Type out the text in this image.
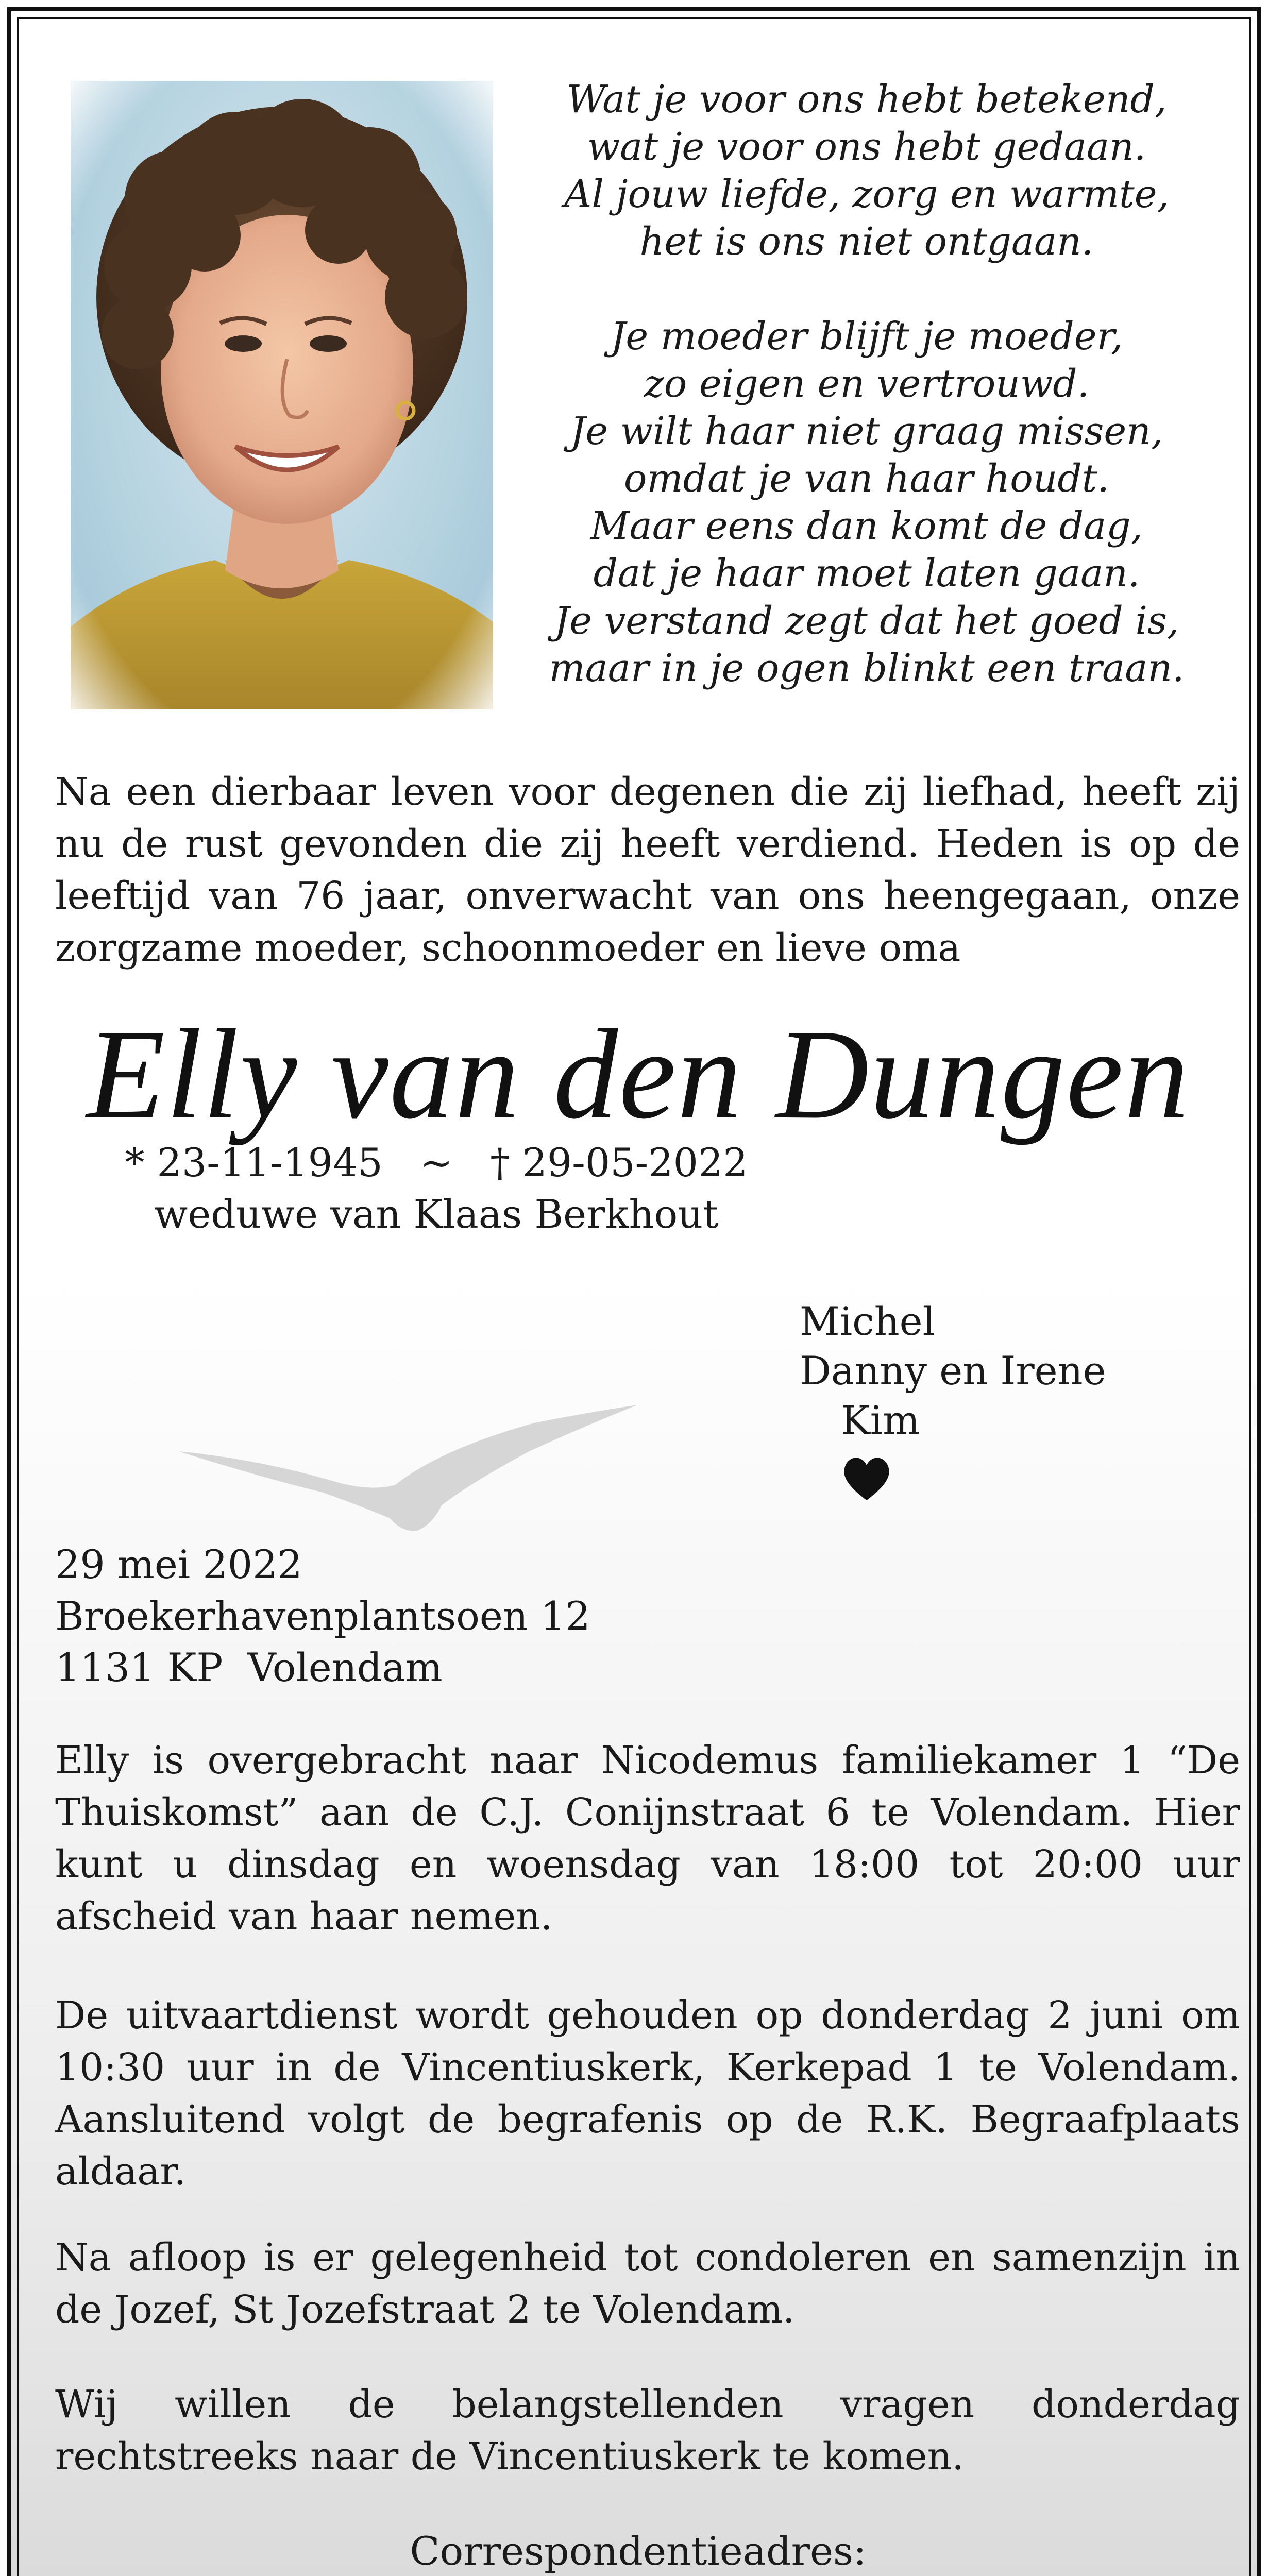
Wat je voor ons hebt betekend,
wat je voor ons hebt gedaan.
Al jouw liefde, zorg en warmte,
het is ons niet ontgaan.

Je moeder blijft je moeder,
zo eigen en vertrouwd.
Je wilt haar niet graag missen,
omdat je van haar houdt.
Maar eens dan komt de dag,
dat je haar moet laten gaan.
Je verstand zegt dat het goed is,
maar in je ogen blinkt een traan.

Na een dierbaar leven voor degenen die zij liefhad, heeft zij nu de rust gevonden die zij heeft verdiend. Heden is op de leeftijd van 76 jaar, onverwacht van ons heengegaan, onze zorgzame moeder, schoonmoeder en lieve oma
Elly van den Dungen
* 23-11-1945   ~   † 29-05-2022
weduwe van Klaas Berkhout
Michel
Danny en Irene
Kim
29 mei 2022
Broekerhavenplantsoen 12
1131 KP  Volendam
Elly is overgebracht naar Nicodemus familiekamer 1 “De Thuiskomst” aan de C.J. Conijnstraat 6 te Volendam. Hier kunt u dinsdag en woensdag van 18:00 tot 20:00 uur afscheid van haar nemen.
De uitvaartdienst wordt gehouden op donderdag 2 juni om 10:30 uur in de Vincentiuskerk, Kerkepad 1 te Volendam. Aansluitend volgt de begrafenis op de R.K. Begraafplaats aldaar.
Na afloop is er gelegenheid tot condoleren en samenzijn in de Jozef, St Jozefstraat 2 te Volendam.
Wij willen de belangstellenden vragen donderdag rechtstreeks naar de Vincentiuskerk te komen.
Correspondentieadres:
